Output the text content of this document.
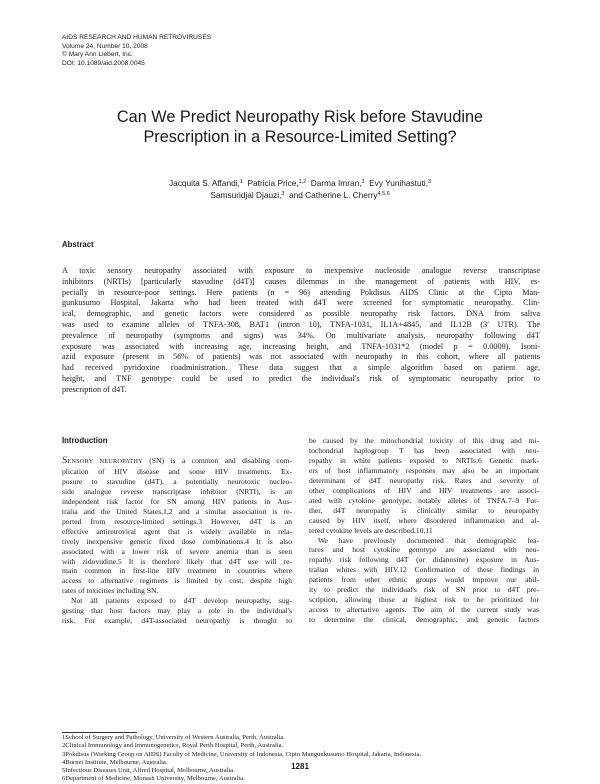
AIDS RESEARCH AND HUMAN RETROVIRUSES
Volume 24, Number 10, 2008
© Mary Ann Liebert, Inc.
DOI: 10.1089/aid.2008.0045
Can We Predict Neuropathy Risk before Stavudine
Prescription in a Resource-Limited Setting?
Jacquita S. Affandi,$^1$ Patricia Price,$^{1,2}$ Darma Imran,$^3$ Evy Yunihastuti,$^3$
Samsuridjal Djauzi,$^3$ and Catherine L. Cherry$^{4,5,6}$
Abstract
A toxic sensory neuropathy associated with exposure to inexpensive nucleoside analogue reverse transcriptase
inhibitors (NRTIs) [particularly stavudine (d4T)] causes dilemmas in the management of patients with HIV, es-
pecially in resource-poor settings. Here patients (n = 96) attending Pokdisus AIDS Clinic at the Cipto Man-
gunkusumo Hospital, Jakarta who had been treated with d4T were screened for symptomatic neuropathy. Clin-
ical, demographic, and genetic factors were considered as possible neuropathy risk factors. DNA from saliva
was used to examine alleles of TNFA-308, BAT1 (intron 10), TNFA-1031, IL1A+4845, and IL12B (3′ UTR). The
prevalence of neuropathy (symptoms and signs) was 34%. On multivariate analysis, neuropathy following d4T
exposure was associated with increasing age, increasing height, and TNFA-1031*2 (model p = 0.0009). Isoni-
azid exposure (present in 56% of patients) was not associated with neuropathy in this cohort, where all patients
had received pyridoxine coadministration. These data suggest that a simple algorithm based on patient age,
height, and TNF genotype could be used to predict the individual's risk of symptomatic neuropathy prior to
prescription of d4T.
Introduction
SENSORY NEUROPATHY (SN) is a common and disabling com-
plication of HIV disease and some HIV treatments. Ex-
posure to stavudine (d4T), a potentially neurotoxic nucleo-
side analogue reverse transcriptase inhibitor (NRTI), is an
independent risk factor for SN among HIV patients in Aus-
tralia and the United States,1,2 and a similar association is re-
ported from resource-limited settings.3 However, d4T is an
effective antiretroviral agent that is widely available in rela-
tively inexpensive generic fixed dose combinations.4 It is also
associated with a lower risk of severe anemia than is seen
with zidovudine.5 It is therefore likely that d4T use will re-
main common in first-line HIV treatment in countries where
access to alternative regimens is limited by cost, despite high
rates of toxicities including SN.
Not all patients exposed to d4T develop neuropathy, sug-
gesting that host factors may play a role in the individual's
risk. For example, d4T-associated neuropathy is thought to
be caused by the mitochondrial toxicity of this drug and mi-
tochondrial haplogroup T has been associated with neu-
ropathy in white patients exposed to NRTIs.6 Genetic mark-
ers of host inflammatory responses may also be an important
determinant of d4T neuropathy risk. Rates and severity of
other complications of HIV and HIV treatments are associ-
ated with cytokine genotype, notably alleles of TNFA.7–9 Fur-
ther, d4T neuropathy is clinically similar to neuropathy
caused by HIV itself, where disordered inflammation and al-
tered cytokine levels are described.10,11
We have previously documented that demographic fea-
tures and host cytokine genotype are associated with neu-
ropathy risk following d4T (or didanosine) exposure in Aus-
tralian whites with HIV.12 Confirmation of these findings in
patients from other ethnic groups would improve our abil-
ity to predict the individual's risk of SN prior to d4T pre-
scription, allowing those at highest risk to be prioritized for
access to alternative agents. The aim of the current study was
to determine the clinical, demographic, and genetic factors
1School of Surgery and Pathology, University of Western Australia, Perth, Australia.
2Clinical Immunology and Immunogenetics, Royal Perth Hospital, Perth, Australia.
3Pokdisus (Working Group on AIDS) Faculty of Medicine, University of Indonesia, Cipto Mangunkusumo Hospital, Jakarta, Indonesia.
4Burnet Institute, Melbourne, Australia.
5Infectious Diseases Unit, Alfred Hospital, Melbourne, Australia.
6Department of Medicine, Monash University, Melbourne, Australia.
1281
